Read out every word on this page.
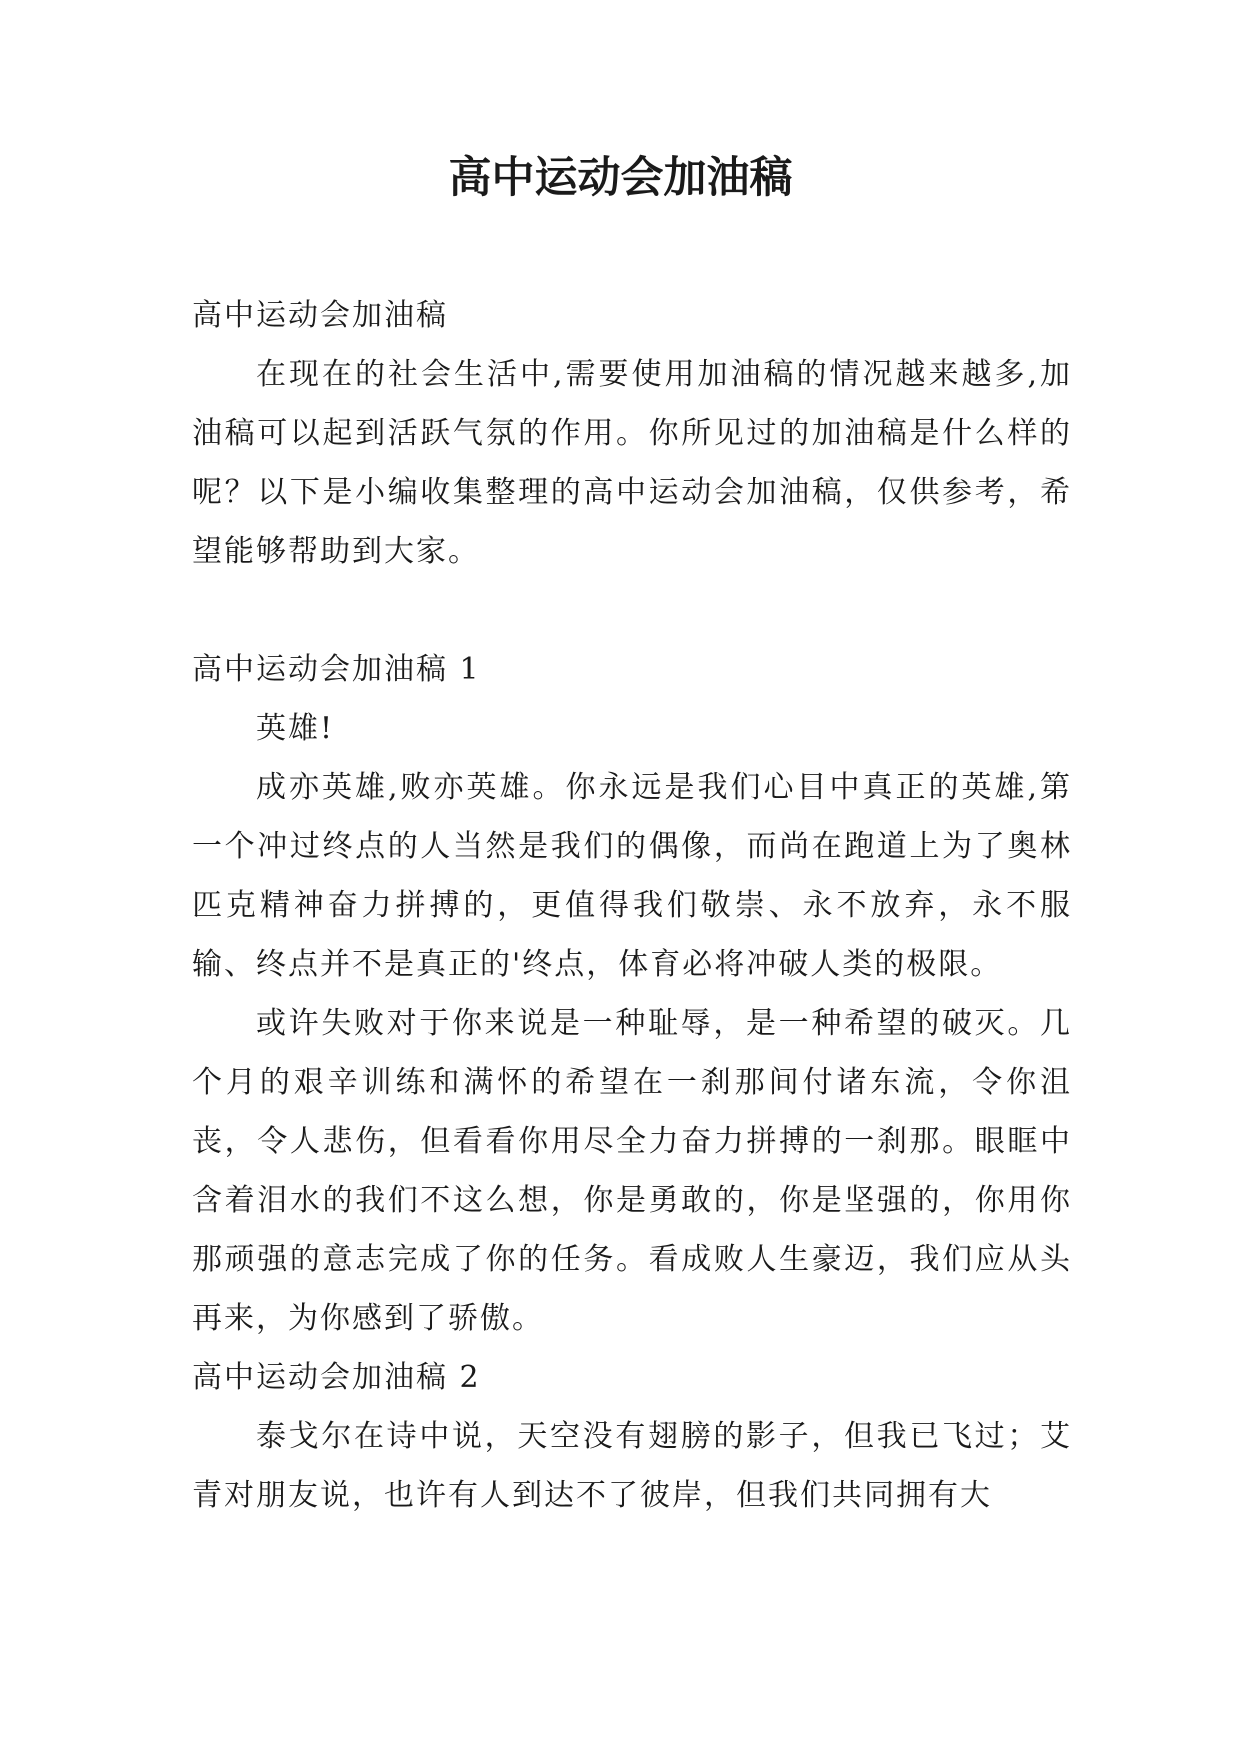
高中运动会加油稿

高中运动会加油稿

在现在的社会生活中,需要使用加油稿的情况越来越多,加油稿可以起到活跃气氛的作用。你所见过的加油稿是什么样的呢？以下是小编收集整理的高中运动会加油稿，仅供参考，希望能够帮助到大家。

高中运动会加油稿 1

英雄!

成亦英雄,败亦英雄。你永远是我们心目中真正的英雄,第一个冲过终点的人当然是我们的偶像，而尚在跑道上为了奥林匹克精神奋力拼搏的，更值得我们敬崇、永不放弃，永不服输、终点并不是真正的'终点，体育必将冲破人类的极限。

或许失败对于你来说是一种耻辱，是一种希望的破灭。几个月的艰辛训练和满怀的希望在一刹那间付诸东流，令你沮丧，令人悲伤，但看看你用尽全力奋力拼搏的一刹那。眼眶中含着泪水的我们不这么想，你是勇敢的，你是坚强的，你用你那顽强的意志完成了你的任务。看成败人生豪迈，我们应从头再来，为你感到了骄傲。

高中运动会加油稿 2

泰戈尔在诗中说，天空没有翅膀的影子，但我已飞过；艾青对朋友说，也许有人到达不了彼岸，但我们共同拥有大
